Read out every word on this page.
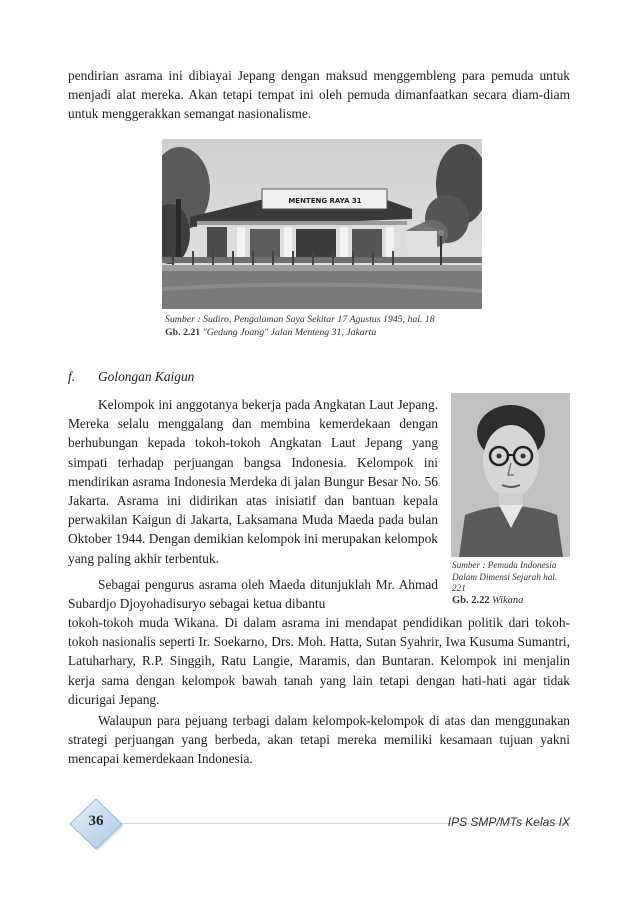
pendirian asrama ini dibiayai Jepang dengan maksud menggembleng para pemuda untuk menjadi alat mereka. Akan tetapi tempat ini oleh pemuda dimanfaatkan secara diam-diam untuk menggerakkan semangat nasionalisme.

MENTENG RAYA 31
Sumber : Sudiro, Pengalaman Saya Sekitar 17 Agustus 1945, hal. 18
Gb. 2.21 "Gedung Joang" Jalan Menteng 31, Jakarta
f. Golongan Kaigun

Kelompok ini anggotanya bekerja pada Angkatan Laut Jepang. Mereka selalu menggalang dan membina kemerdekaan dengan berhubungan kepada tokoh-tokoh Angkatan Laut Jepang yang simpati terhadap perjuangan bangsa Indonesia. Kelompok ini mendirikan asrama Indonesia Merdeka di jalan Bungur Besar No. 56 Jakarta. Asrama ini didirikan atas inisiatif dan bantuan kepala perwakilan Kaigun di Jakarta, Laksamana Muda Maeda pada bulan Oktober 1944. Dengan demikian kelompok ini merupakan kelompok yang paling akhir terbentuk.	Sumber : Pemuda Indonesia Dalam Dimensi Sejarah hal. 221
Gb. 2.22 Wikana

Sebagai pengurus asrama oleh Maeda ditunjuklah Mr. Ahmad Subardjo Djoyohadisuryo sebagai ketua dibantu

tokoh-tokoh muda Wikana. Di dalam asrama ini mendapat pendidikan politik dari tokoh-tokoh nasionalis seperti Ir. Soekarno, Drs. Moh. Hatta, Sutan Syahrir, Iwa Kusuma Sumantri, Latuharhary, R.P. Singgih, Ratu Langie, Maramis, dan Buntaran. Kelompok ini menjalin kerja sama dengan kelompok bawah tanah yang lain tetapi dengan hati-hati agar tidak dicurigai Jepang.

Walaupun para pejuang terbagi dalam kelompok-kelompok di atas dan menggunakan strategi perjuangan yang berbeda, akan tetapi mereka memiliki kesamaan tujuan yakni mencapai kemerdekaan Indonesia.

36	IPS SMP/MTs Kelas IX
